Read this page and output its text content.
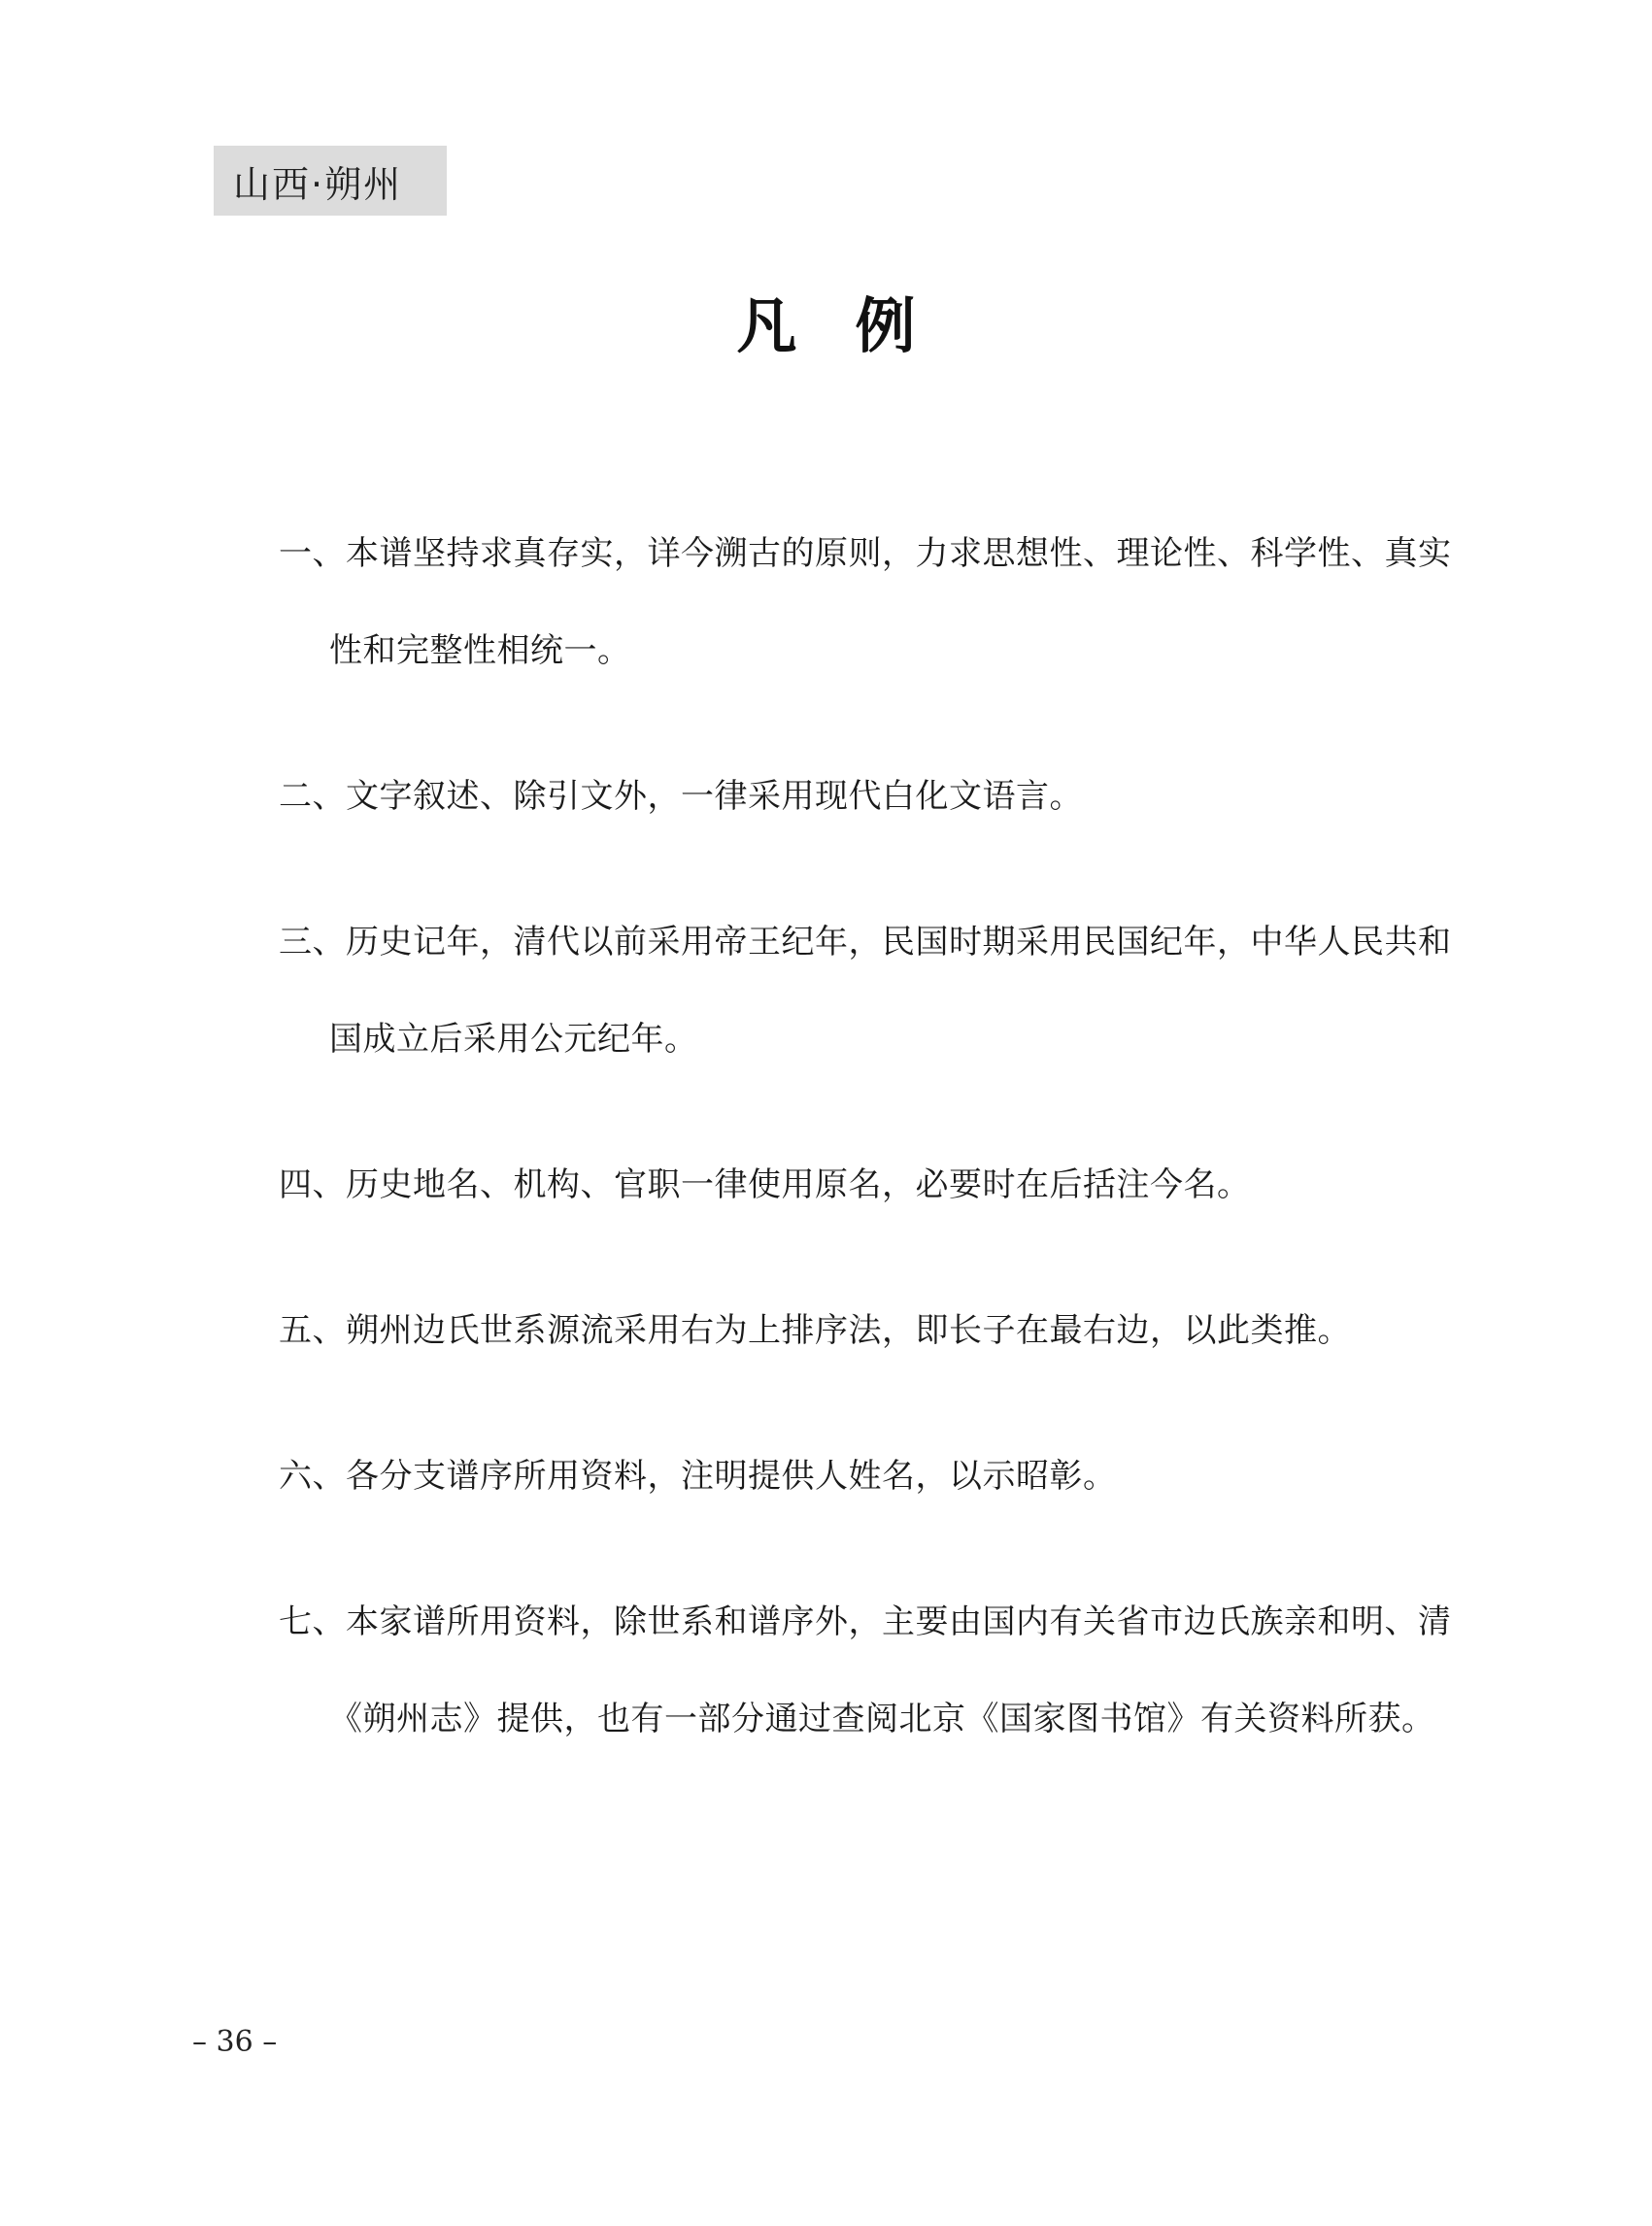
山西·朔州
凡例
一、本谱坚持求真存实，详今溯古的原则，力求思想性、理论性、科学性、真实性和完整性相统一。
二、文字叙述、除引文外，一律采用现代白化文语言。
三、历史记年，清代以前采用帝王纪年，民国时期采用民国纪年，中华人民共和国成立后采用公元纪年。
四、历史地名、机构、官职一律使用原名，必要时在后括注今名。
五、朔州边氏世系源流采用右为上排序法，即长子在最右边，以此类推。
六、各分支谱序所用资料，注明提供人姓名，以示昭彰。
七、本家谱所用资料，除世系和谱序外，主要由国内有关省市边氏族亲和明、清《朔州志》提供，也有一部分通过查阅北京《国家图书馆》有关资料所获。
– 36 –
